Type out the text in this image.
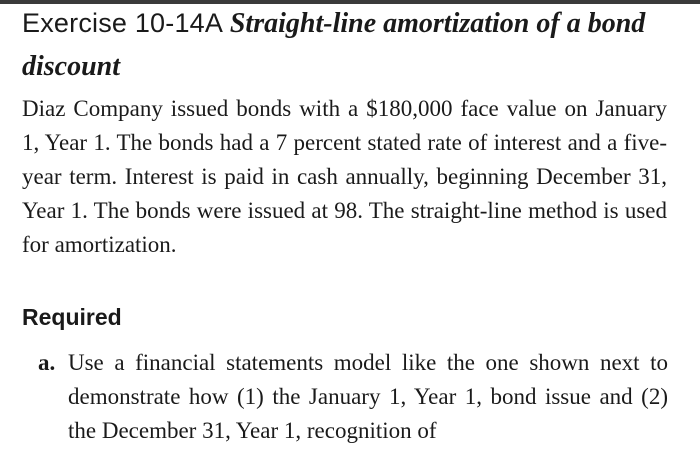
Exercise 10-14A Straight-line amortization of a bond discount

Diaz Company issued bonds with a $180,000 face value on January 1, Year 1. The bonds had a 7 percent stated rate of interest and a five-year term. Interest is paid in cash annually, beginning December 31, Year 1. The bonds were issued at 98. The straight-line method is used for amortization.

Required
a. Use a financial statements model like the one shown next to demonstrate how (1) the January 1, Year 1, bond issue and (2) the December 31, Year 1, recognition of
